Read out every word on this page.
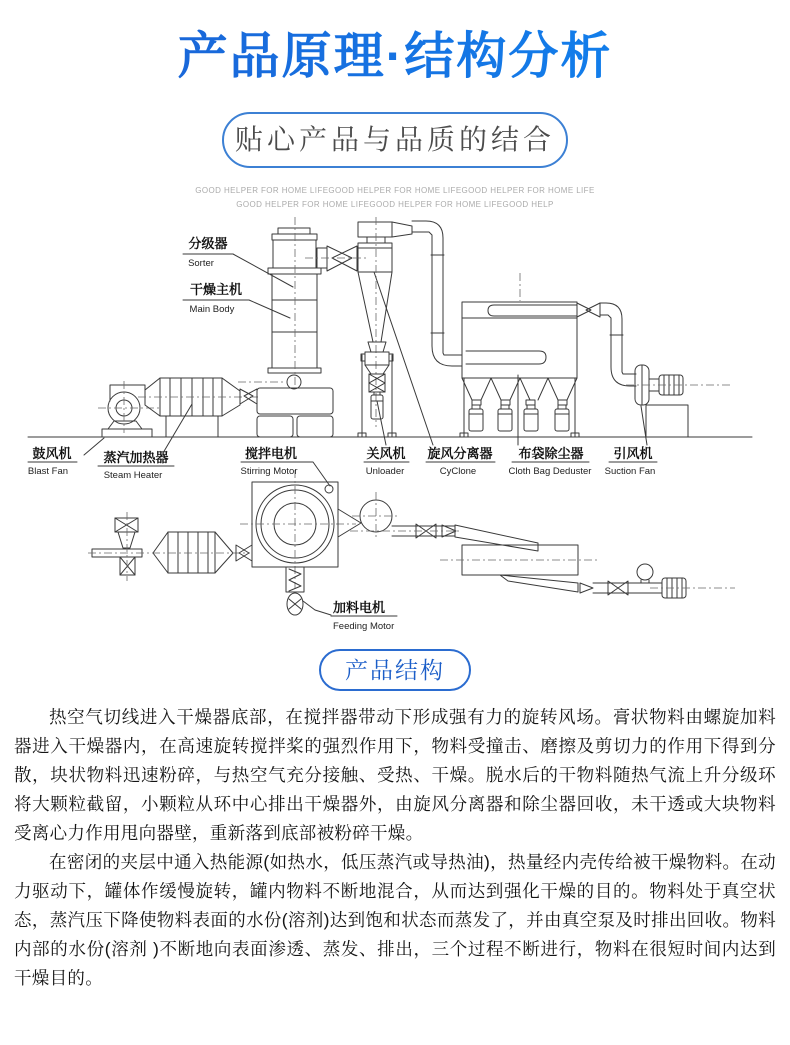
产品原理·结构分析
贴心产品与品质的结合
GOOD HELPER FOR HOME LIFEGOOD HELPER FOR HOME LIFEGOOD HELPER FOR HOME LIFE
GOOD HELPER FOR HOME LIFEGOOD HELPER FOR HOME LIFEGOOD HELP
分级器
Sorter
干燥主机
Main Body
鼓风机
Blast Fan
蒸汽加热器
Steam Heater
搅拌电机
Stirring Motor
关风机
Unloader
旋风分离器
CyClone
布袋除尘器
Cloth Bag Deduster
引风机
Suction Fan
加料电机
Feeding Motor
产品结构

热空气切线进入干燥器底部，在搅拌器带动下形成强有力的旋转风场。膏状物料由螺旋加料器进入干燥器内，在高速旋转搅拌桨的强烈作用下，物料受撞击、磨擦及剪切力的作用下得到分散，块状物料迅速粉碎，与热空气充分接触、受热、干燥。脱水后的干物料随热气流上升分级环将大颗粒截留，小颗粒从环中心排出干燥器外，由旋风分离器和除尘器回收，未干透或大块物料受离心力作用甩向器壁，重新落到底部被粉碎干燥。

在密闭的夹层中通入热能源(如热水，低压蒸汽或导热油)，热量经内壳传给被干燥物料。在动力驱动下，罐体作缓慢旋转，罐内物料不断地混合，从而达到强化干燥的目的。物料处于真空状态，蒸汽压下降使物料表面的水份(溶剂)达到饱和状态而蒸发了，并由真空泵及时排出回收。物料内部的水份(溶剂 )不断地向表面渗透、蒸发、排出，三个过程不断进行，物料在很短时间内达到干燥目的。
